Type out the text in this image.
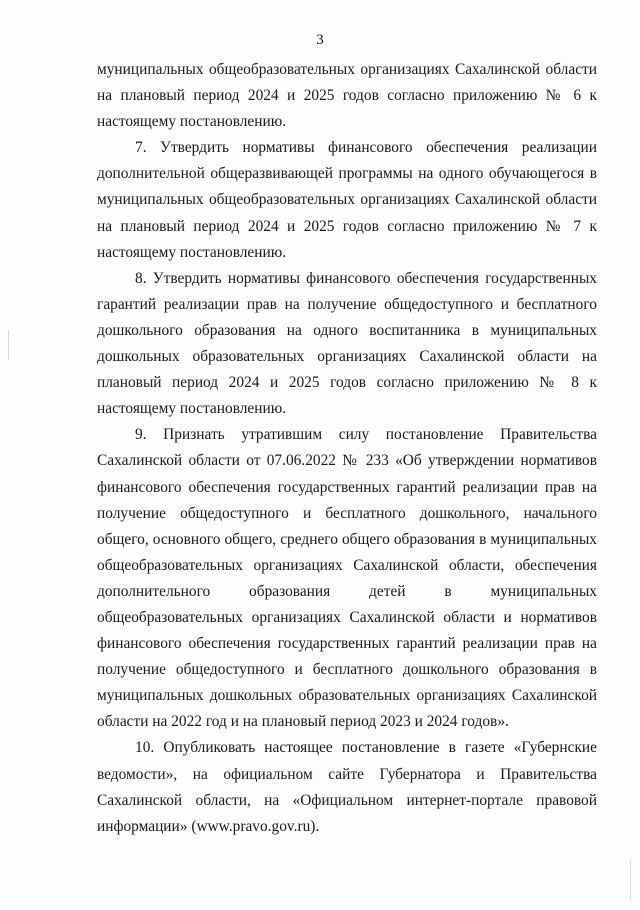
3

муниципальных общеобразовательных организациях Сахалинской области на плановый период 2024 и 2025 годов согласно приложению № 6 к настоящему постановлению.

7. Утвердить нормативы финансового обеспечения реализации дополнительной общеразвивающей программы на одного обучающегося в муниципальных общеобразовательных организациях Сахалинской области на плановый период 2024 и 2025 годов согласно приложению № 7 к настоящему постановлению.

8. Утвердить нормативы финансового обеспечения государственных гарантий реализации прав на получение общедоступного и бесплатного дошкольного образования на одного воспитанника в муниципальных дошкольных образовательных организациях Сахалинской области на плановый период 2024 и 2025 годов согласно приложению № 8 к настоящему постановлению.

9. Признать утратившим силу постановление Правительства Сахалинской области от 07.06.2022 № 233 «Об утверждении нормативов финансового обеспечения государственных гарантий реализации прав на получение общедоступного и бесплатного дошкольного, начального общего, основного общего, среднего общего образования в муниципальных общеобразовательных организациях Сахалинской области, обеспечения дополнительного образования детей в муниципальных общеобразовательных организациях Сахалинской области и нормативов финансового обеспечения государственных гарантий реализации прав на получение общедоступного и бесплатного дошкольного образования в муниципальных дошкольных образовательных организациях Сахалинской области на 2022 год и на плановый период 2023 и 2024 годов».

10. Опубликовать настоящее постановление в газете «Губернские ведомости», на официальном сайте Губернатора и Правительства Сахалинской области, на «Официальном интернет-портале правовой информации» (www.pravo.gov.ru).
